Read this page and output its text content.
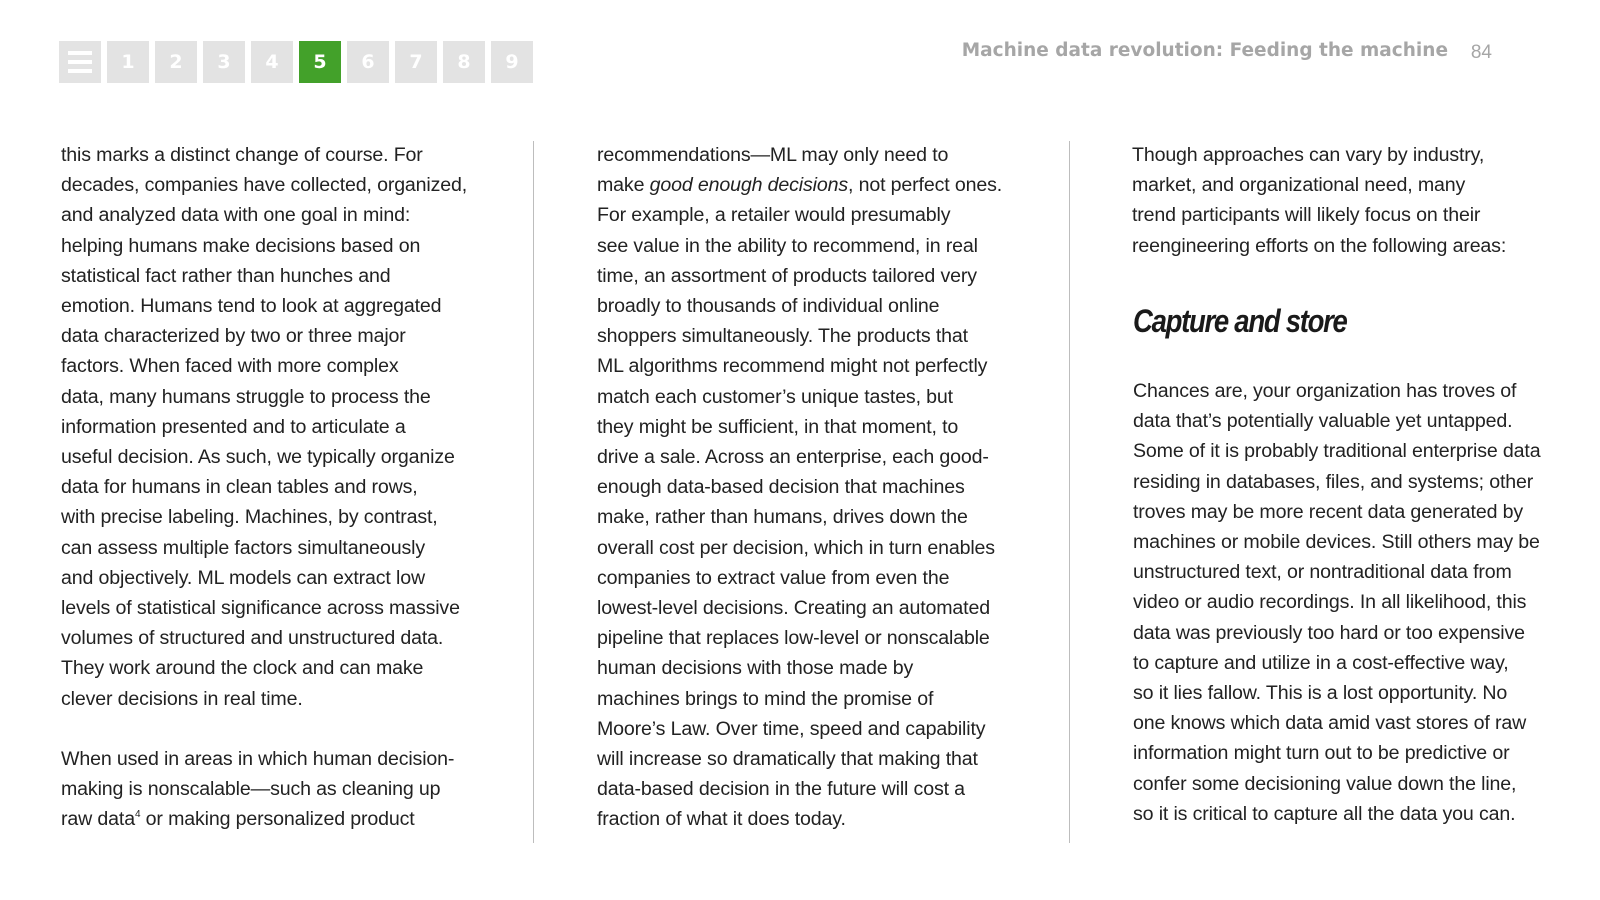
1	2	3	4	5	6	7	8	9
Machine data revolution: Feeding the machine 84

this marks a distinct change of course. For
decades, companies have collected, organized,
and analyzed data with one goal in mind:
helping humans make decisions based on
statistical fact rather than hunches and
emotion. Humans tend to look at aggregated
data characterized by two or three major
factors. When faced with more complex
data, many humans struggle to process the
information presented and to articulate a
useful decision. As such, we typically organize
data for humans in clean tables and rows,
with precise labeling. Machines, by contrast,
can assess multiple factors simultaneously
and objectively. ML models can extract low
levels of statistical significance across massive
volumes of structured and unstructured data.
They work around the clock and can make
clever decisions in real time.

When used in areas in which human decision-
making is nonscalable—such as cleaning up
raw data$^4$ or making personalized product

recommendations—ML may only need to
make good enough decisions, not perfect ones.
For example, a retailer would presumably
see value in the ability to recommend, in real
time, an assortment of products tailored very
broadly to thousands of individual online
shoppers simultaneously. The products that
ML algorithms recommend might not perfectly
match each customer’s unique tastes, but
they might be sufficient, in that moment, to
drive a sale. Across an enterprise, each good-
enough data-based decision that machines
make, rather than humans, drives down the
overall cost per decision, which in turn enables
companies to extract value from even the
lowest-level decisions. Creating an automated
pipeline that replaces low-level or nonscalable
human decisions with those made by
machines brings to mind the promise of
Moore’s Law. Over time, speed and capability
will increase so dramatically that making that
data-based decision in the future will cost a
fraction of what it does today.

Though approaches can vary by industry,
market, and organizational need, many
trend participants will likely focus on their
reengineering efforts on the following areas:

Capture and store

Chances are, your organization has troves of
data that’s potentially valuable yet untapped.
Some of it is probably traditional enterprise data
residing in databases, files, and systems; other
troves may be more recent data generated by
machines or mobile devices. Still others may be
unstructured text, or nontraditional data from
video or audio recordings. In all likelihood, this
data was previously too hard or too expensive
to capture and utilize in a cost-effective way,
so it lies fallow. This is a lost opportunity. No
one knows which data amid vast stores of raw
information might turn out to be predictive or
confer some decisioning value down the line,
so it is critical to capture all the data you can.
